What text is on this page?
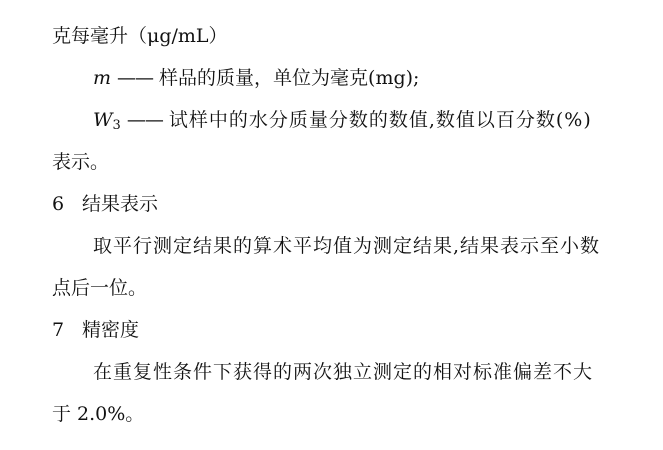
克每毫升（μg/mL）
m —— 样品的质量，单位为毫克(mg);
$W_3$ —— 试样中的水分质量分数的数值,数值以百分数(%)
表示。
6 结果表示
取平行测定结果的算术平均值为测定结果,结果表示至小数
点后一位。
7 精密度
在重复性条件下获得的两次独立测定的相对标准偏差不大
于 2.0%。
